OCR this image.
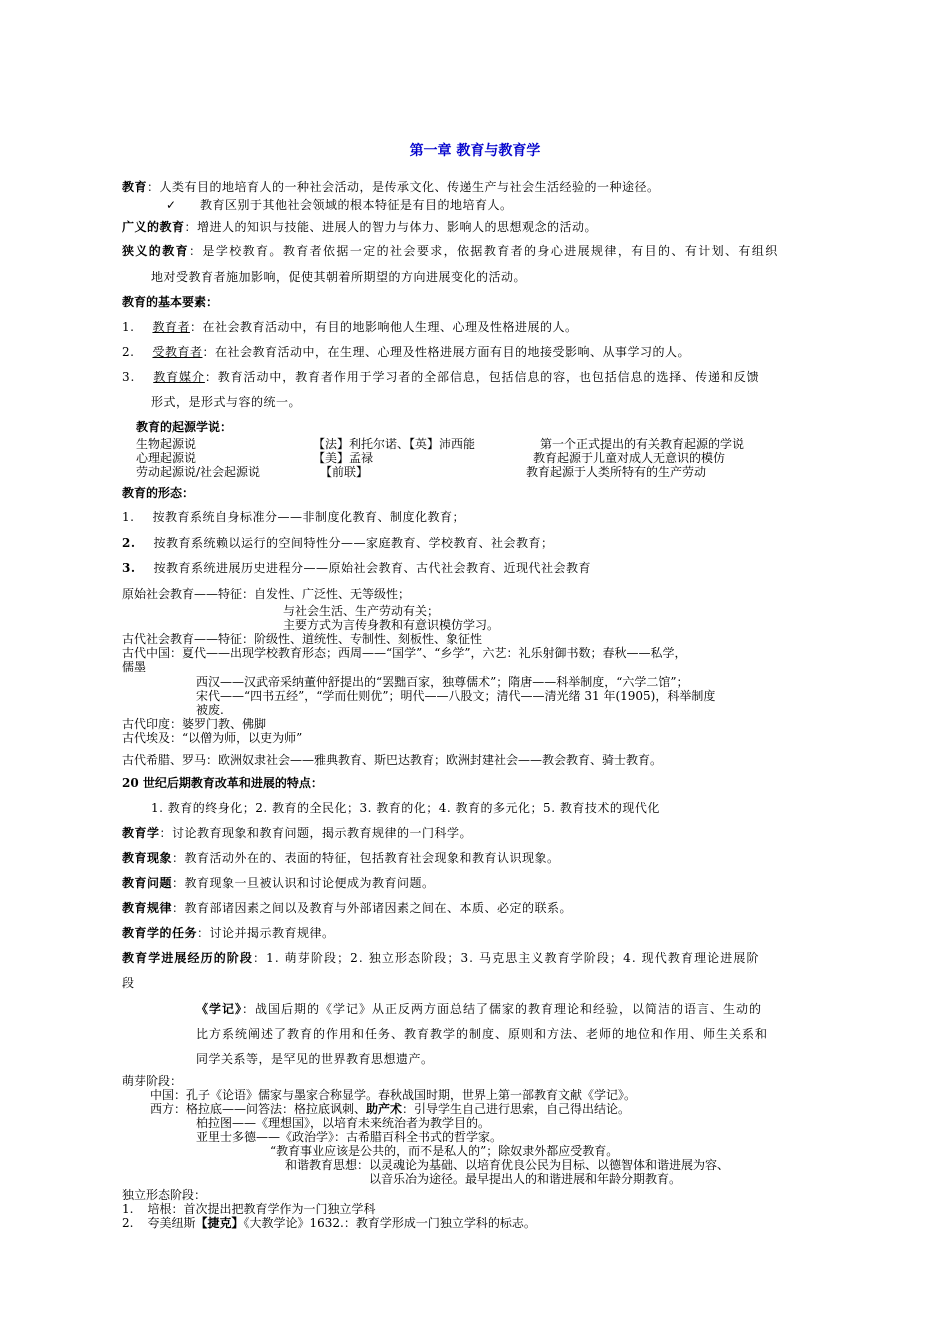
第一章 教育与教育学
教育：人类有目的地培育人的一种社会活动，是传承文化、传递生产与社会生活经验的一种途径。
✓ 教育区别于其他社会领域的根本特征是有目的地培育人。
广义的教育：增进人的知识与技能、进展人的智力与体力、影响人的思想观念的活动。
狭义的教育：是学校教育。教育者依据一定的社会要求，依据教育者的身心进展规律，有目的、有计划、有组织
地对受教育者施加影响，促使其朝着所期望的方向进展变化的活动。
教育的基本要素：
1. 教育者：在社会教育活动中，有目的地影响他人生理、心理及性格进展的人。
2. 受教育者：在社会教育活动中，在生理、心理及性格进展方面有目的地接受影响、从事学习的人。
3. 教育媒介：教育活动中，教育者作用于学习者的全部信息，包括信息的容，也包括信息的选择、传递和反馈
形式，是形式与容的统一。
教育的起源学说：
生物起源说	【法】利托尔诺、【英】沛西能	第一个正式提出的有关教育起源的学说
心理起源说	【美】孟禄	教育起源于儿童对成人无意识的模仿
劳动起源说/社会起源说	【前联】	教育起源于人类所特有的生产劳动
教育的形态：
1. 按教育系统自身标准分——非制度化教育、制度化教育；
2. 按教育系统赖以运行的空间特性分——家庭教育、学校教育、社会教育；
3. 按教育系统进展历史进程分——原始社会教育、古代社会教育、近现代社会教育
原始社会教育——特征：自发性、广泛性、无等级性；
与社会生活、生产劳动有关；
主要方式为言传身教和有意识模仿学习。
古代社会教育——特征：阶级性、道统性、专制性、刻板性、象征性
古代中国：夏代——出现学校教育形态；西周——“国学”、“乡学”，六艺：礼乐射御书数；春秋——私学，
儒墨
西汉——汉武帝采纳董仲舒提出的“罢黜百家，独尊儒术”；隋唐——科举制度，“六学二馆”；
宋代——“四书五经”，“学而仕则优”；明代——八股文；清代——清光绪 31 年(1905)，科举制度
被废.
古代印度：婆罗门教、佛脚
古代埃及：“以僧为师，以吏为师”
古代希腊、罗马：欧洲奴隶社会——雅典教育、斯巴达教育；欧洲封建社会——教会教育、骑士教育。
20 世纪后期教育改革和进展的特点：
1. 教育的终身化；2. 教育的全民化；3. 教育的化；4. 教育的多元化；5. 教育技术的现代化
教育学：讨论教育现象和教育问题，揭示教育规律的一门科学。
教育现象：教育活动外在的、表面的特征，包括教育社会现象和教育认识现象。
教育问题：教育现象一旦被认识和讨论便成为教育问题。
教育规律：教育部诸因素之间以及教育与外部诸因素之间在、本质、必定的联系。
教育学的任务：讨论并揭示教育规律。
教育学进展经历的阶段：1. 萌芽阶段；2. 独立形态阶段；3. 马克思主义教育学阶段；4. 现代教育理论进展阶
段
《学记》：战国后期的《学记》从正反两方面总结了儒家的教育理论和经验，以简洁的语言、生动的
比方系统阐述了教育的作用和任务、教育教学的制度、原则和方法、老师的地位和作用、师生关系和
同学关系等，是罕见的世界教育思想遗产。
萌芽阶段：
中国：孔子《论语》儒家与墨家合称显学。春秋战国时期，世界上第一部教育文献《学记》。
西方：格拉底——问答法：格拉底讽刺、助产术：引导学生自己进行思索，自己得出结论。
柏拉图——《理想国》，以培育未来统治者为教学目的。
亚里士多德——《政治学》：古希腊百科全书式的哲学家。
“教育事业应该是公共的，而不是私人的”；除奴隶外都应受教育。
和谐教育思想：以灵魂论为基础、以培育优良公民为目标、以德智体和谐进展为容、
以音乐冶为途径。最早提出人的和谐进展和年龄分期教育。
独立形态阶段：
1. 培根：首次提出把教育学作为一门独立学科
2. 夸美纽斯【捷克】《大教学论》1632.：教育学形成一门独立学科的标志。
